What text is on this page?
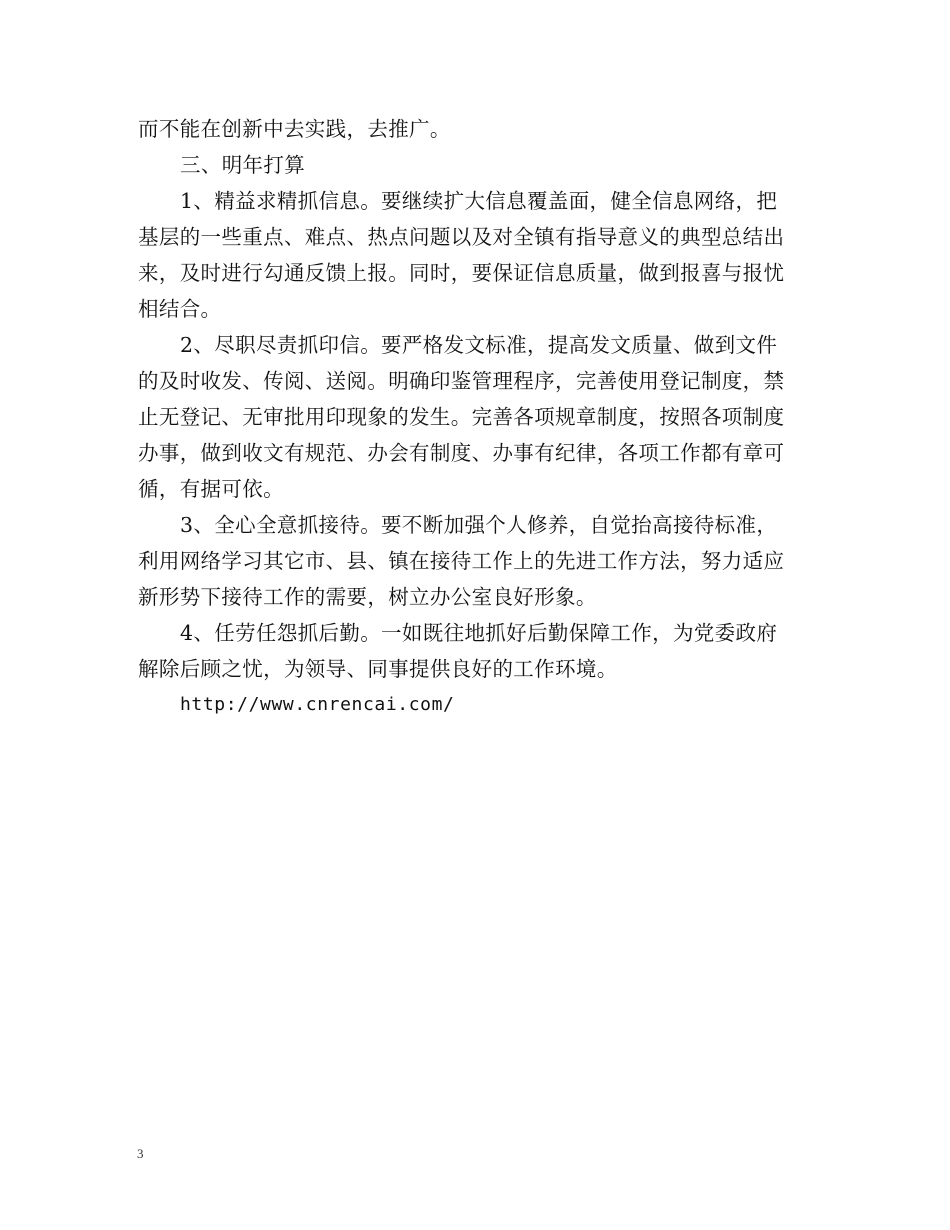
而不能在创新中去实践，去推广。
三、明年打算
1、精益求精抓信息。要继续扩大信息覆盖面，健全信息网络，把
基层的一些重点、难点、热点问题以及对全镇有指导意义的典型总结出
来，及时进行勾通反馈上报。同时，要保证信息质量，做到报喜与报忧
相结合。
2、尽职尽责抓印信。要严格发文标准，提高发文质量、做到文件
的及时收发、传阅、送阅。明确印鉴管理程序，完善使用登记制度，禁
止无登记、无审批用印现象的发生。完善各项规章制度，按照各项制度
办事，做到收文有规范、办会有制度、办事有纪律，各项工作都有章可
循，有据可依。
3、全心全意抓接待。要不断加强个人修养，自觉抬高接待标准，
利用网络学习其它市、县、镇在接待工作上的先进工作方法，努力适应
新形势下接待工作的需要，树立办公室良好形象。
4、任劳任怨抓后勤。一如既往地抓好后勤保障工作，为党委政府
解除后顾之忧，为领导、同事提供良好的工作环境。
http://www.cnrencai.com/
3
